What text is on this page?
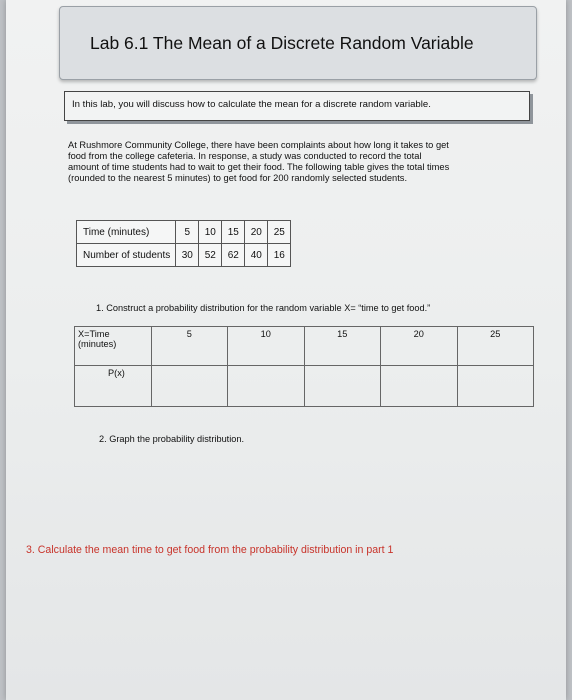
Lab 6.1 The Mean of a Discrete Random Variable
In this lab, you will discuss how to calculate the mean for a discrete random variable.
At Rushmore Community College, there have been complaints about how long it takes to get
food from the college cafeteria. In response, a study was conducted to record the total
amount of time students had to wait to get their food. The following table gives the total times
(rounded to the nearest 5 minutes) to get food for 200 randomly selected students.
Time (minutes)	5	10	15	20	25
Number of students	30	52	62	40	16
1. Construct a probability distribution for the random variable X= “time to get food.”
X=Time
(minutes)	5	10	15	20	25

P(x)					

2. Graph the probability distribution.
3. Calculate the mean time to get food from the probability distribution in part 1
